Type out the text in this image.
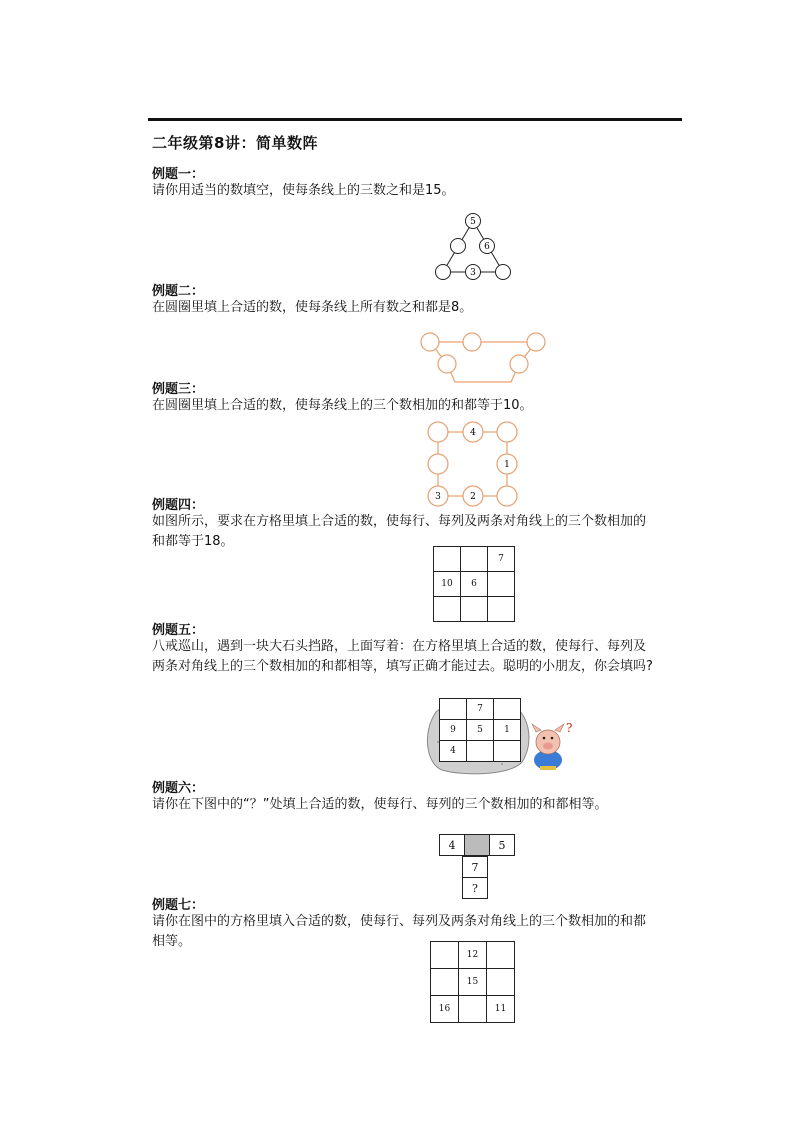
二年级第8讲：简单数阵
例题一：
请你用适当的数填空，使每条线上的三数之和是15。
5
6
3
例题二：
在圆圈里填上合适的数，使每条线上所有数之和都是8。
例题三：
在圆圈里填上合适的数，使每条线上的三个数相加的和都等于10。
4
1
3	2
例题四：
如图所示，要求在方格里填上合适的数，使每行、每列及两条对角线上的三个数相加的
和都等于18。
		7
10	6	

例题五：
八戒巡山，遇到一块大石头挡路，上面写着：在方格里填上合适的数，使每行、每列及
两条对角线上的三个数相加的和都相等，填写正确才能过去。聪明的小朋友，你会填吗?
	7	
9	5	1
4		
?
例题六：
请你在下图中的“？”处填上合适的数，使每行、每列的三个数相加的和都相等。
4		5
7
?
例题七：
请你在图中的方格里填入合适的数，使每行、每列及两条对角线上的三个数相加的和都
相等。
	12	
	15	
16		11
